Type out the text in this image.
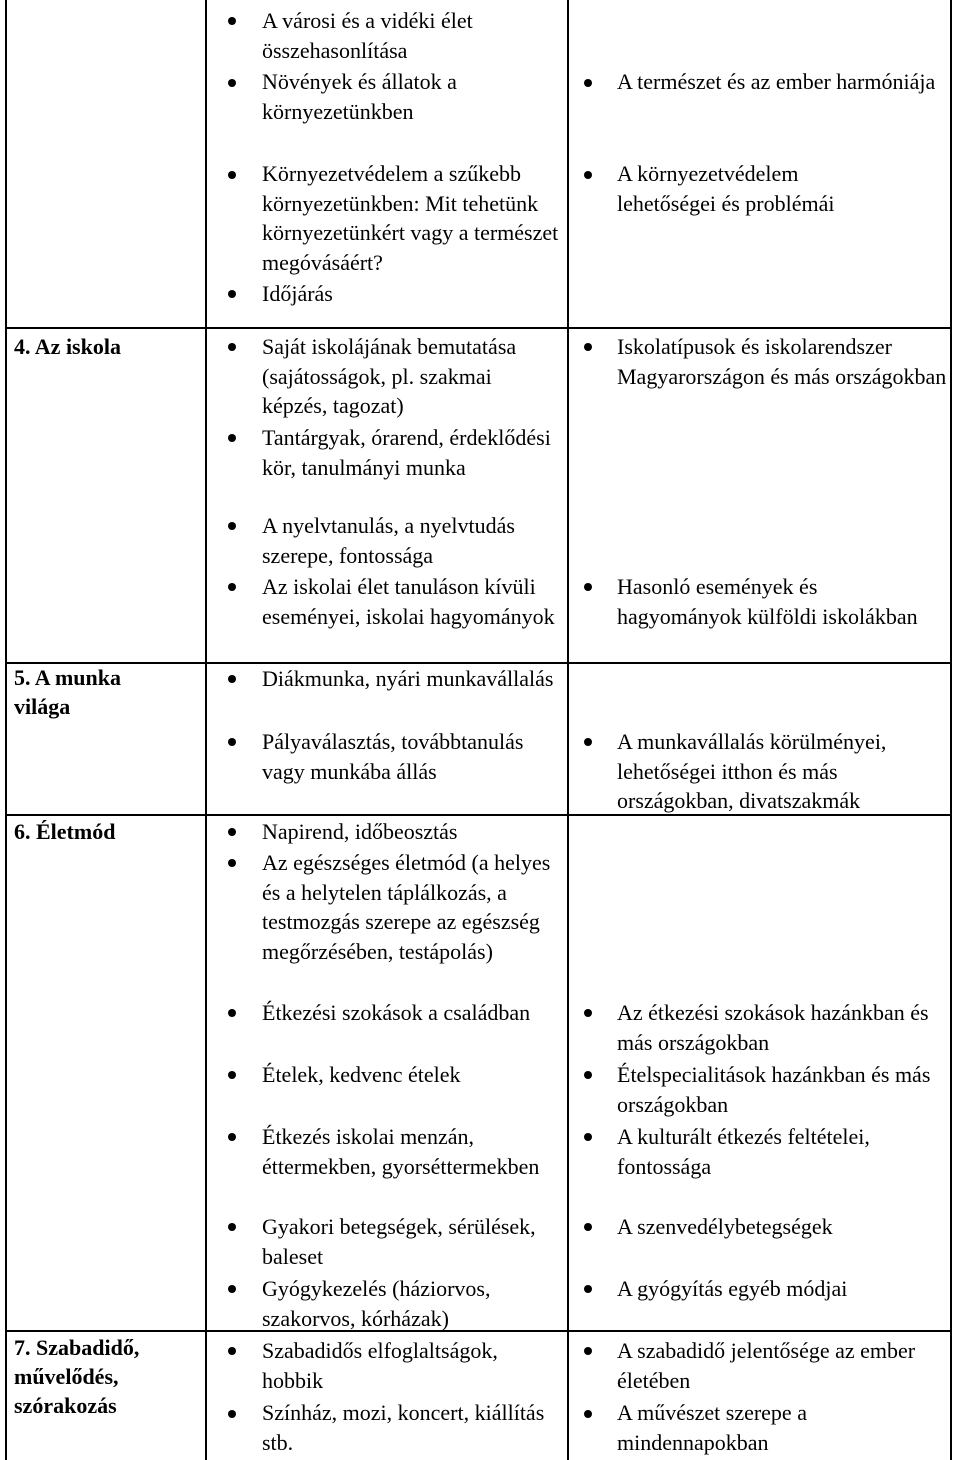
4. Az iskola
5. A munka világa
6. Életmód
7. Szabadidő, művelődés, szórakozás
A városi és a vidéki élet összehasonlítása
Növények és állatok a környezetünkben
Környezetvédelem a szűkebb környezetünkben: Mit tehetünk környezetünkért vagy a természet megóvásáért?
Időjárás
Saját iskolájának bemutatása (sajátosságok, pl. szakmai képzés, tagozat)
Tantárgyak, órarend, érdeklődési kör, tanulmányi munka
A nyelvtanulás, a nyelvtudás szerepe, fontossága
Az iskolai élet tanuláson kívüli eseményei, iskolai hagyományok
Diákmunka, nyári munkavállalás
Pályaválasztás, továbbtanulás vagy munkába állás
Napirend, időbeosztás
Az egészséges életmód (a helyes és a helytelen táplálkozás, a testmozgás szerepe az egészség megőrzésében, testápolás)
Étkezési szokások a családban
Ételek, kedvenc ételek
Étkezés iskolai menzán, éttermekben, gyorséttermekben
Gyakori betegségek, sérülések, baleset
Gyógykezelés (háziorvos, szakorvos, kórházak)
Szabadidős elfoglaltságok, hobbik
Színház, mozi, koncert, kiállítás stb.
A természet és az ember harmóniája
A környezetvédelem lehetőségei és problémái
Iskolatípusok és iskolarendszer Magyarországon és más országokban
Hasonló események és hagyományok külföldi iskolákban
A munkavállalás körülményei, lehetőségei itthon és más országokban, divatszakmák
Az étkezési szokások hazánkban és más országokban
Ételspecialitások hazánkban és más országokban
A kulturált étkezés feltételei, fontossága
A szenvedélybetegségek
A gyógyítás egyéb módjai
A szabadidő jelentősége az ember életében
A művészet szerepe a mindennapokban
